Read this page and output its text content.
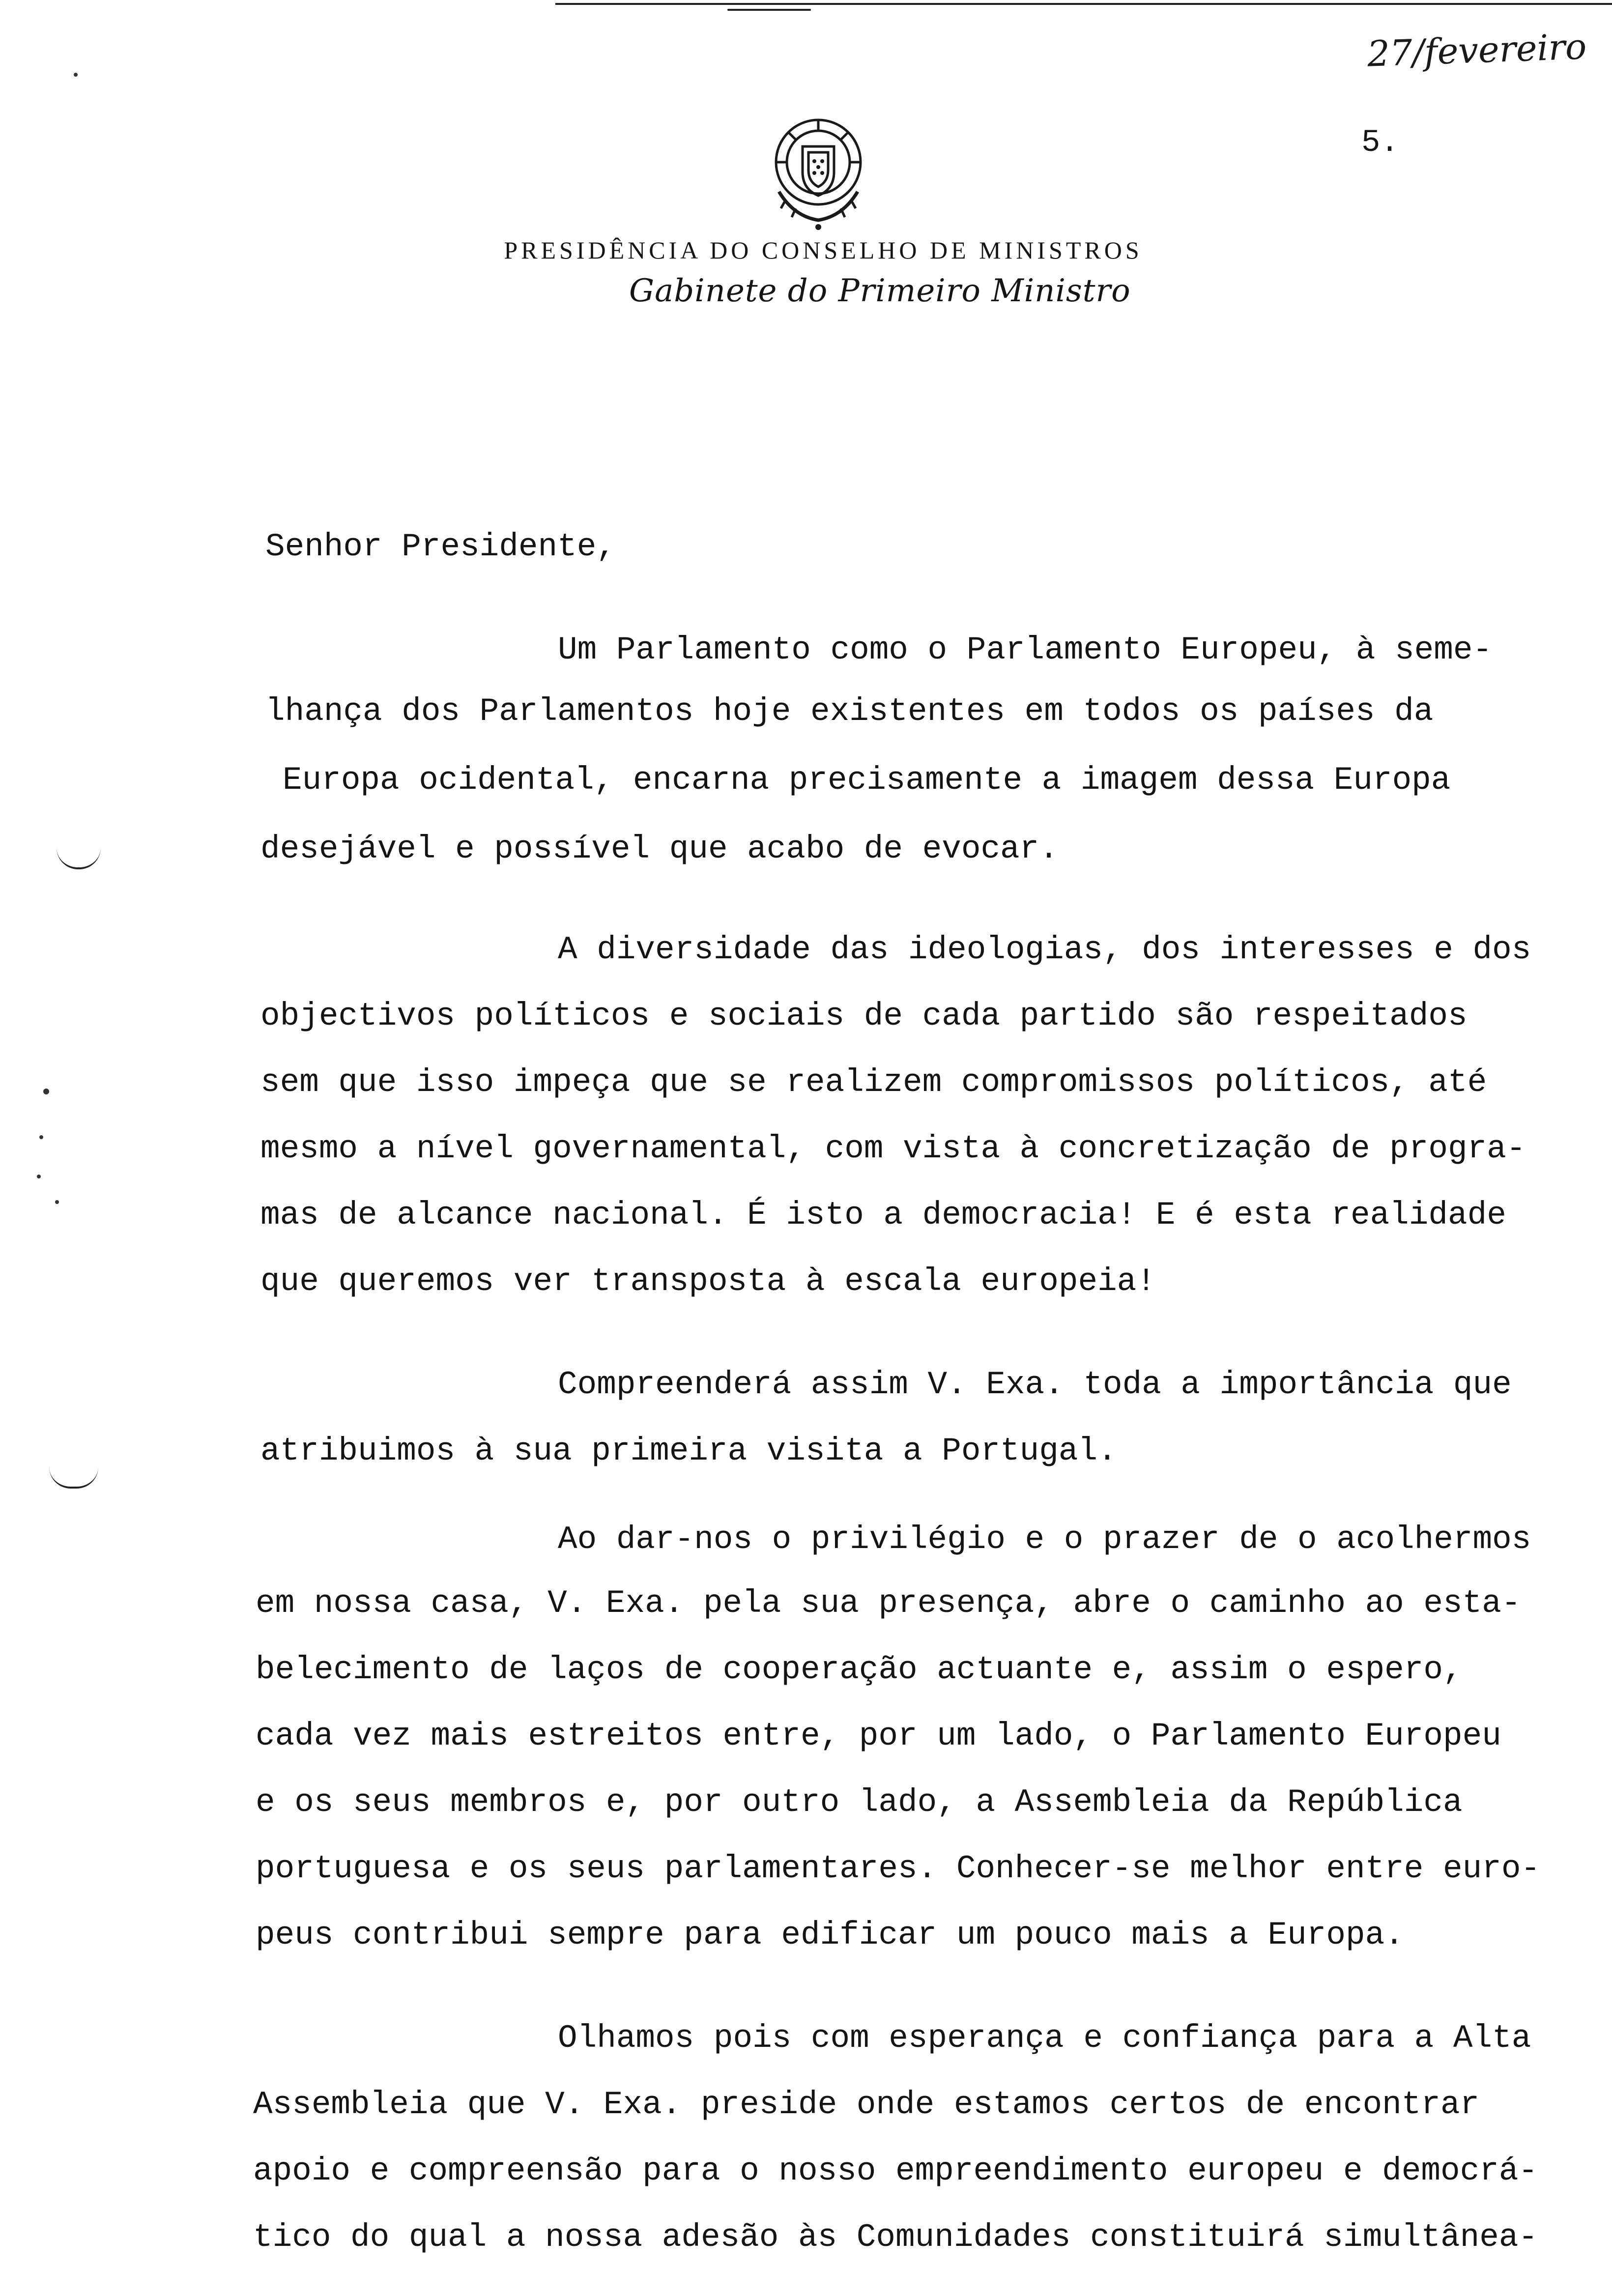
27/fevereiro
5.
PRESIDÊNCIA DO CONSELHO DE MINISTROS
Gabinete do Primeiro Ministro

Senhor Presidente,

Um Parlamento como o Parlamento Europeu, à seme-

lhança dos Parlamentos hoje existentes em todos os países da

Europa ocidental, encarna precisamente a imagem dessa Europa

desejável e possível que acabo de evocar.

A diversidade das ideologias, dos interesses e dos

objectivos políticos e sociais de cada partido são respeitados

sem que isso impeça que se realizem compromissos políticos, até

mesmo a nível governamental, com vista à concretização de progra-

mas de alcance nacional. É isto a democracia! E é esta realidade

que queremos ver transposta à escala europeia!

Compreenderá assim V. Exa. toda a importância que

atribuimos à sua primeira visita a Portugal.

Ao dar-nos o privilégio e o prazer de o acolhermos

em nossa casa, V. Exa. pela sua presença, abre o caminho ao esta-

belecimento de laços de cooperação actuante e, assim o espero,

cada vez mais estreitos entre, por um lado, o Parlamento Europeu

e os seus membros e, por outro lado, a Assembleia da República

portuguesa e os seus parlamentares. Conhecer-se melhor entre euro-

peus contribui sempre para edificar um pouco mais a Europa.

Olhamos pois com esperança e confiança para a Alta

Assembleia que V. Exa. preside onde estamos certos de encontrar

apoio e compreensão para o nosso empreendimento europeu e democrá-

tico do qual a nossa adesão às Comunidades constituirá simultânea-
